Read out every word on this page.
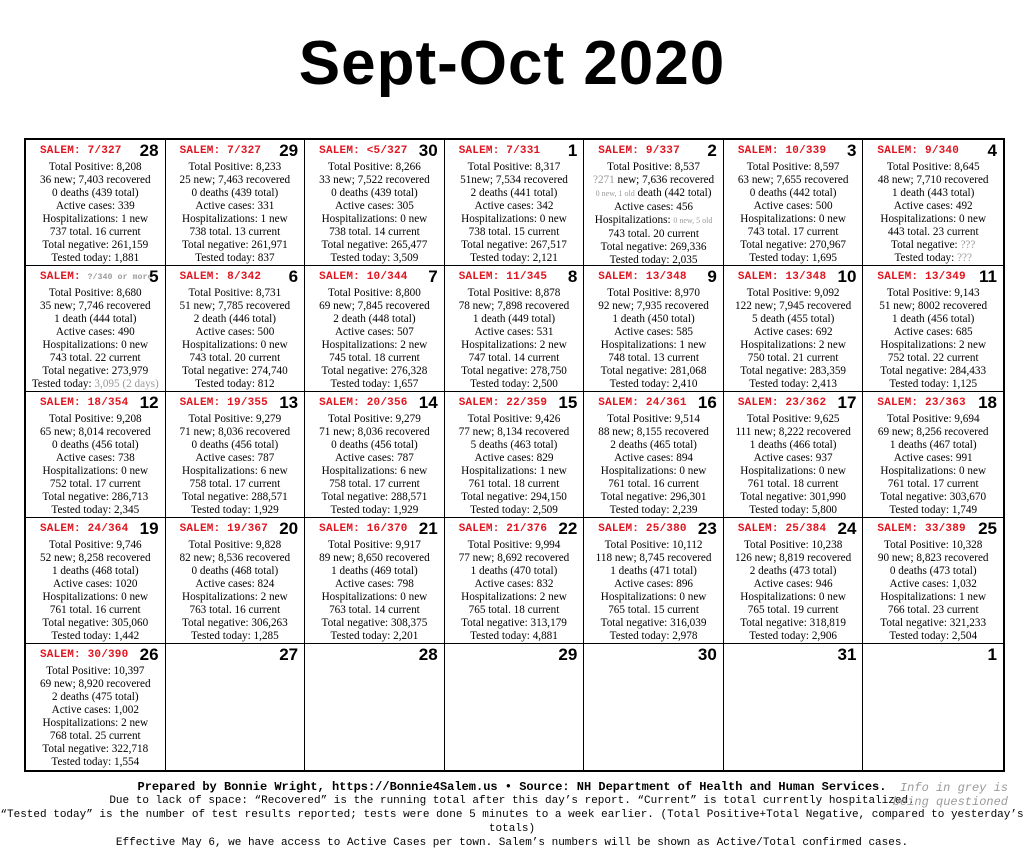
Sept-Oct 2020
SALEM: 7/327 28
Total Positive: 8,208
36 new; 7,403 recovered
0 deaths (439 total)
Active cases: 339
Hospitalizations: 1 new
737 total. 16 current
Total negative: 261,159
Tested today: 1,881
SALEM: 7/327 29
Total Positive: 8,233
25 new; 7,463 recovered
0 deaths (439 total)
Active cases: 331
Hospitalizations: 1 new
738 total. 13 current
Total negative: 261,971
Tested today: 837
SALEM: <5/327 30
Total Positive: 8,266
33 new; 7,522 recovered
0 deaths (439 total)
Active cases: 305
Hospitalizations: 0 new
738 total. 14 current
Total negative: 265,477
Tested today: 3,509
SALEM: 7/331 1
Total Positive: 8,317
51new; 7,534 recovered
2 deaths (441 total)
Active cases: 342
Hospitalizations: 0 new
738 total. 15 current
Total negative: 267,517
Tested today: 2,121
SALEM: 9/337 2
Total Positive: 8,537
?271 new; 7,636 recovered
0 new, 1 old death (442 total)
Active cases: 456
Hospitalizations: 0 new, 5 old
743 total. 20 current
Total negative: 269,336
Tested today: 2,035
SALEM: 10/339 3
Total Positive: 8,597
63 new; 7,655 recovered
0 deaths (442 total)
Active cases: 500
Hospitalizations: 0 new
743 total. 17 current
Total negative: 270,967
Tested today: 1,695
SALEM: 9/340 4
Total Positive: 8,645
48 new; 7,710 recovered
1 death (443 total)
Active cases: 492
Hospitalizations: 0 new
443 total. 23 current
Total negative: ???
Tested today: ???
SALEM: ?/340 or more
5
Total Positive: 8,680
35 new; 7,746 recovered
1 death (444 total)
Active cases: 490
Hospitalizations: 0 new
743 total. 22 current
Total negative: 273,979
Tested today: 3,095 (2 days)
SALEM: 8/342 6
Total Positive: 8,731
51 new; 7,785 recovered
2 death (446 total)
Active cases: 500
Hospitalizations: 0 new
743 total. 20 current
Total negative: 274,740
Tested today: 812
SALEM: 10/344 7
Total Positive: 8,800
69 new; 7,845 recovered
2 death (448 total)
Active cases: 507
Hospitalizations: 2 new
745 total. 18 current
Total negative: 276,328
Tested today: 1,657
SALEM: 11/345 8
Total Positive: 8,878
78 new; 7,898 recovered
1 death (449 total)
Active cases: 531
Hospitalizations: 2 new
747 total. 14 current
Total negative: 278,750
Tested today: 2,500
SALEM: 13/348 9
Total Positive: 8,970
92 new; 7,935 recovered
1 death (450 total)
Active cases: 585
Hospitalizations: 1 new
748 total. 13 current
Total negative: 281,068
Tested today: 2,410
SALEM: 13/348 10
Total Positive: 9,092
122 new; 7,945 recovered
5 death (455 total)
Active cases: 692
Hospitalizations: 2 new
750 total. 21 current
Total negative: 283,359
Tested today: 2,413
SALEM: 13/349 11
Total Positive: 9,143
51 new; 8002 recovered
1 death (456 total)
Active cases: 685
Hospitalizations: 2 new
752 total. 22 current
Total negative: 284,433
Tested today: 1,125
SALEM: 18/354 12
Total Positive: 9,208
65 new; 8,014 recovered
0 deaths (456 total)
Active cases: 738
Hospitalizations: 0 new
752 total. 17 current
Total negative: 286,713
Tested today: 2,345
SALEM: 19/355 13
Total Positive: 9,279
71 new; 8,036 recovered
0 deaths (456 total)
Active cases: 787
Hospitalizations: 6 new
758 total. 17 current
Total negative: 288,571
Tested today: 1,929
SALEM: 20/356 14
Total Positive: 9,279
71 new; 8,036 recovered
0 deaths (456 total)
Active cases: 787
Hospitalizations: 6 new
758 total. 17 current
Total negative: 288,571
Tested today: 1,929
SALEM: 22/359 15
Total Positive: 9,426
77 new; 8,134 recovered
5 deaths (463 total)
Active cases: 829
Hospitalizations: 1 new
761 total. 18 current
Total negative: 294,150
Tested today: 2,509
SALEM: 24/361 16
Total Positive: 9,514
88 new; 8,155 recovered
2 deaths (465 total)
Active cases: 894
Hospitalizations: 0 new
761 total. 16 current
Total negative: 296,301
Tested today: 2,239
SALEM: 23/362 17
Total Positive: 9,625
111 new; 8,222 recovered
1 deaths (466 total)
Active cases: 937
Hospitalizations: 0 new
761 total. 18 current
Total negative: 301,990
Tested today: 5,800
SALEM: 23/363 18
Total Positive: 9,694
69 new; 8,256 recovered
1 deaths (467 total)
Active cases: 991
Hospitalizations: 0 new
761 total. 17 current
Total negative: 303,670
Tested today: 1,749
SALEM: 24/364 19
Total Positive: 9,746
52 new; 8,258 recovered
1 deaths (468 total)
Active cases: 1020
Hospitalizations: 0 new
761 total. 16 current
Total negative: 305,060
Tested today: 1,442
SALEM: 19/367 20
Total Positive: 9,828
82 new; 8,536 recovered
0 deaths (468 total)
Active cases: 824
Hospitalizations: 2 new
763 total. 16 current
Total negative: 306,263
Tested today: 1,285
SALEM: 16/370 21
Total Positive: 9,917
89 new; 8,650 recovered
1 deaths (469 total)
Active cases: 798
Hospitalizations: 0 new
763 total. 14 current
Total negative: 308,375
Tested today: 2,201
SALEM: 21/376 22
Total Positive: 9,994
77 new; 8,692 recovered
1 deaths (470 total)
Active cases: 832
Hospitalizations: 2 new
765 total. 18 current
Total negative: 313,179
Tested today: 4,881
SALEM: 25/380 23
Total Positive: 10,112
118 new; 8,745 recovered
1 deaths (471 total)
Active cases: 896
Hospitalizations: 0 new
765 total. 15 current
Total negative: 316,039
Tested today: 2,978
SALEM: 25/384 24
Total Positive: 10,238
126 new; 8,819 recovered
2 deaths (473 total)
Active cases: 946
Hospitalizations: 0 new
765 total. 19 current
Total negative: 318,819
Tested today: 2,906
SALEM: 33/389 25
Total Positive: 10,328
90 new; 8,823 recovered
0 deaths (473 total)
Active cases: 1,032
Hospitalizations: 1 new
766 total. 23 current
Total negative: 321,233
Tested today: 2,504
SALEM: 30/390 26
Total Positive: 10,397
69 new; 8,920 recovered
2 deaths (475 total)
Active cases: 1,002
Hospitalizations: 2 new
768 total. 25 current
Total negative: 322,718
Tested today: 1,554
27	28	29	30	31	1
Prepared by Bonnie Wright, https://Bonnie4Salem.us • Source: NH Department of Health and Human Services.
Due to lack of space: “Recovered” is the running total after this day’s report. “Current” is total currently hospitalized.
“Tested today” is the number of test results reported; tests were done 5 minutes to a week earlier. (Total Positive+Total Negative, compared to yesterday’s totals)
Effective May 6, we have access to Active Cases per town. Salem’s numbers will be shown as Active/Total confirmed cases.
Info in grey is being questioned
